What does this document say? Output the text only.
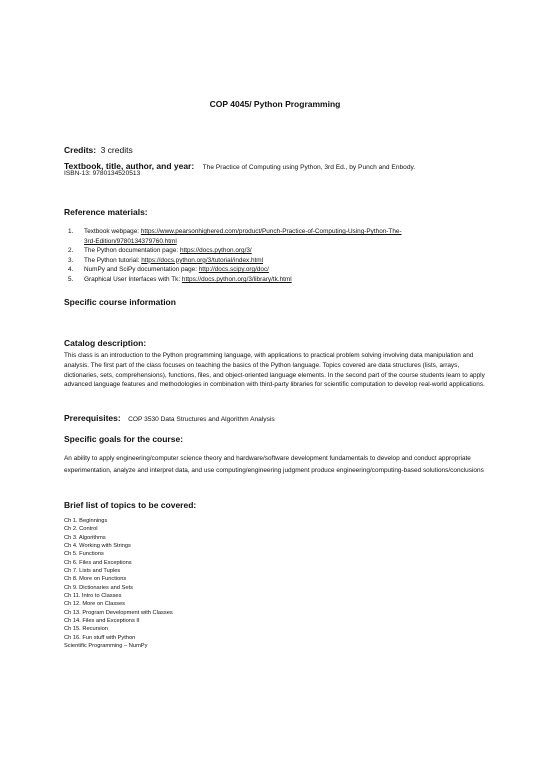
COP 4045/ Python Programming
Credits: 3 credits
Textbook, title, author, and year: The Practice of Computing using Python, 3rd Ed., by Punch and Enbody.
ISBN-13: 9780134520513
Reference materials:
1. Textbook webpage: https://www.pearsonhighered.com/product/Punch-Practice-of-Computing-Using-Python-The-
3rd-Edition/9780134379760.html
2. The Python documentation page: https://docs.python.org/3/
3. The Python tutorial: https://docs.python.org/3/tutorial/index.html
4. NumPy and SciPy documentation page: http://docs.scipy.org/doc/
5. Graphical User Interfaces with Tk: https://docs.python.org/3/library/tk.html
Specific course information
Catalog description:
This class is an introduction to the Python programming language, with applications to practical problem solving involving data manipulation and analysis. The first part of the class focuses on teaching the basics of the Python language. Topics covered are data structures (lists, arrays, dictionaries, sets, comprehensions), functions, files, and object-oriented language elements. In the second part of the course students learn to apply advanced language features and methodologies in combination with third-party libraries for scientific computation to develop real-world applications.
Prerequisites: COP 3530 Data Structures and Algorithm Analysis
Specific goals for the course:
An ability to apply engineering/computer science theory and hardware/software development fundamentals to develop and conduct appropriate experimentation, analyze and interpret data, and use computing/engineering judgment produce engineering/computing-based solutions/conclusions
Brief list of topics to be covered:
Ch 1. Beginnings
Ch 2. Control
Ch 3. Algorithms
Ch 4. Working with Strings
Ch 5. Functions
Ch 6. Files and Exceptions
Ch 7. Lists and Tuples
Ch 8. More on Functions
Ch 9. Dictionaries and Sets
Ch 11. Intro to Classes
Ch 12. More on Classes
Ch 13. Program Development with Classes
Ch 14. Files and Exceptions II
Ch 15. Recursion
Ch 16. Fun stuff with Python
Scientific Programming – NumPy
